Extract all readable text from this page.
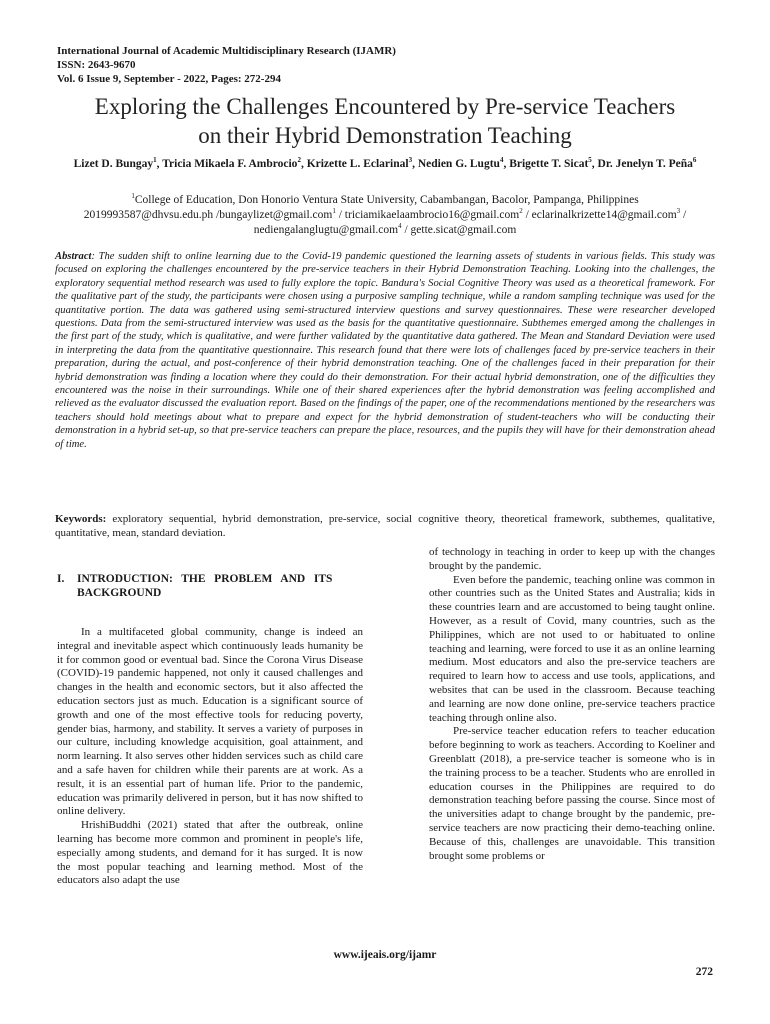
International Journal of Academic Multidisciplinary Research (IJAMR)
ISSN: 2643-9670
Vol. 6 Issue 9, September - 2022, Pages: 272-294
Exploring the Challenges Encountered by Pre-service Teachers
on their Hybrid Demonstration Teaching
Lizet D. Bungay$^1$, Tricia Mikaela F. Ambrocio$^2$, Krizette L. Eclarinal$^3$, Nedien G. Lugtu$^4$, Brigette T. Sicat$^5$, Dr. Jenelyn T. Peña$^6$
$^1$College of Education, Don Honorio Ventura State University, Cabambangan, Bacolor, Pampanga, Philippines
2019993587@dhvsu.edu.ph /bungaylizet@gmail.com$^1$ / triciamikaelaambrocio16@gmail.com$^2$ / eclarinalkrizette14@gmail.com$^3$ /
nediengalanglugtu@gmail.com$^4$ / gette.sicat@gmail.com
Abstract: The sudden shift to online learning due to the Covid-19 pandemic questioned the learning assets of students in various fields. This study was focused on exploring the challenges encountered by the pre-service teachers in their Hybrid Demonstration Teaching. Looking into the challenges, the exploratory sequential method research was used to fully explore the topic. Bandura's Social Cognitive Theory was used as a theoretical framework. For the qualitative part of the study, the participants were chosen using a purposive sampling technique, while a random sampling technique was used for the quantitative portion. The data was gathered using semi-structured interview questions and survey questionnaires. These were researcher developed questions. Data from the semi-structured interview was used as the basis for the quantitative questionnaire. Subthemes emerged among the challenges in the first part of the study, which is qualitative, and were further validated by the quantitative data gathered. The Mean and Standard Deviation were used in interpreting the data from the quantitative questionnaire. This research found that there were lots of challenges faced by pre-service teachers in their preparation, during the actual, and post-conference of their hybrid demonstration teaching. One of the challenges faced in their preparation for their hybrid demonstration was finding a location where they could do their demonstration. For their actual hybrid demonstration, one of the difficulties they encountered was the noise in their surroundings. While one of their shared experiences after the hybrid demonstration was feeling accomplished and relieved as the evaluator discussed the evaluation report. Based on the findings of the paper, one of the recommendations mentioned by the researchers was teachers should hold meetings about what to prepare and expect for the hybrid demonstration of student-teachers who will be conducting their demonstration in a hybrid set-up, so that pre-service teachers can prepare the place, resources, and the pupils they will have for their demonstration ahead of time.
Keywords: exploratory sequential, hybrid demonstration, pre-service, social cognitive theory, theoretical framework, subthemes, qualitative, quantitative, mean, standard deviation.
I. INTRODUCTION:   THE   PROBLEM   AND   ITS
BACKGROUND

In a multifaceted global community, change is indeed an integral and inevitable aspect which continuously leads humanity be it for common good or eventual bad. Since the Corona Virus Disease (COVID)-19 pandemic happened, not only it caused challenges and changes in the health and economic sectors, but it also affected the education sectors just as much. Education is a significant source of growth and one of the most effective tools for reducing poverty, gender bias, harmony, and stability. It serves a variety of purposes in our culture, including knowledge acquisition, goal attainment, and norm learning. It also serves other hidden services such as child care and a safe haven for children while their parents are at work. As a result, it is an essential part of human life. Prior to the pandemic, education was primarily delivered in person, but it has now shifted to online delivery.

HrishiBuddhi (2021) stated that after the outbreak, online learning has become more common and prominent in people's life, especially among students, and demand for it has surged. It is now the most popular teaching and learning method. Most of the educators also adapt the use

of technology in teaching in order to keep up with the changes brought by the pandemic.

Even before the pandemic, teaching online was common in other countries such as the United States and Australia; kids in these countries learn and are accustomed to being taught online. However, as a result of Covid, many countries, such as the Philippines, which are not used to or habituated to online teaching and learning, were forced to use it as an online learning medium. Most educators and also the pre-service teachers are required to learn how to access and use tools, applications, and websites that can be used in the classroom. Because teaching and learning are now done online, pre-service teachers practice teaching through online also.

Pre-service teacher education refers to teacher education before beginning to work as teachers. According to Koeliner and Greenblatt (2018), a pre-service teacher is someone who is in the training process to be a teacher. Students who are enrolled in education courses in the Philippines are required to do demonstration teaching before passing the course. Since most of the universities adapt to change brought by the pandemic, pre-service teachers are now practicing their demo-teaching online. Because of this, challenges are unavoidable. This transition brought some problems or

www.ijeais.org/ijamr
272
